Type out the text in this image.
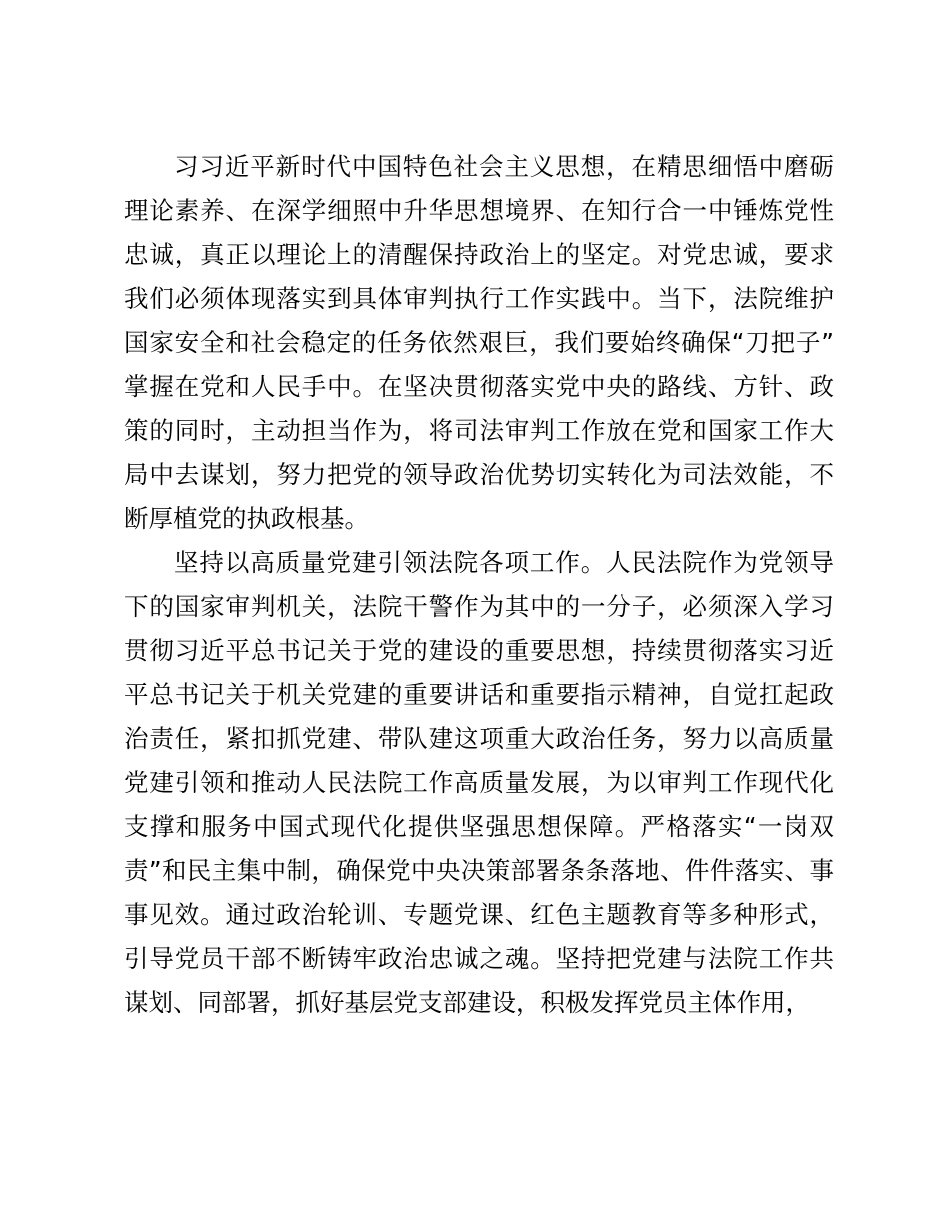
习习近平新时代中国特色社会主义思想，在精思细悟中磨砺
理论素养、在深学细照中升华思想境界、在知行合一中锤炼党性
忠诚，真正以理论上的清醒保持政治上的坚定。对党忠诚，要求
我们必须体现落实到具体审判执行工作实践中。当下，法院维护
国家安全和社会稳定的任务依然艰巨，我们要始终确保“刀把子”
掌握在党和人民手中。在坚决贯彻落实党中央的路线、方针、政
策的同时，主动担当作为，将司法审判工作放在党和国家工作大
局中去谋划，努力把党的领导政治优势切实转化为司法效能，不
断厚植党的执政根基。
坚持以高质量党建引领法院各项工作。人民法院作为党领导
下的国家审判机关，法院干警作为其中的一分子，必须深入学习
贯彻习近平总书记关于党的建设的重要思想，持续贯彻落实习近
平总书记关于机关党建的重要讲话和重要指示精神，自觉扛起政
治责任，紧扣抓党建、带队建这项重大政治任务，努力以高质量
党建引领和推动人民法院工作高质量发展，为以审判工作现代化
支撑和服务中国式现代化提供坚强思想保障。严格落实“一岗双
责”和民主集中制，确保党中央决策部署条条落地、件件落实、事
事见效。通过政治轮训、专题党课、红色主题教育等多种形式，
引导党员干部不断铸牢政治忠诚之魂。坚持把党建与法院工作共
谋划、同部署，抓好基层党支部建设，积极发挥党员主体作用，
